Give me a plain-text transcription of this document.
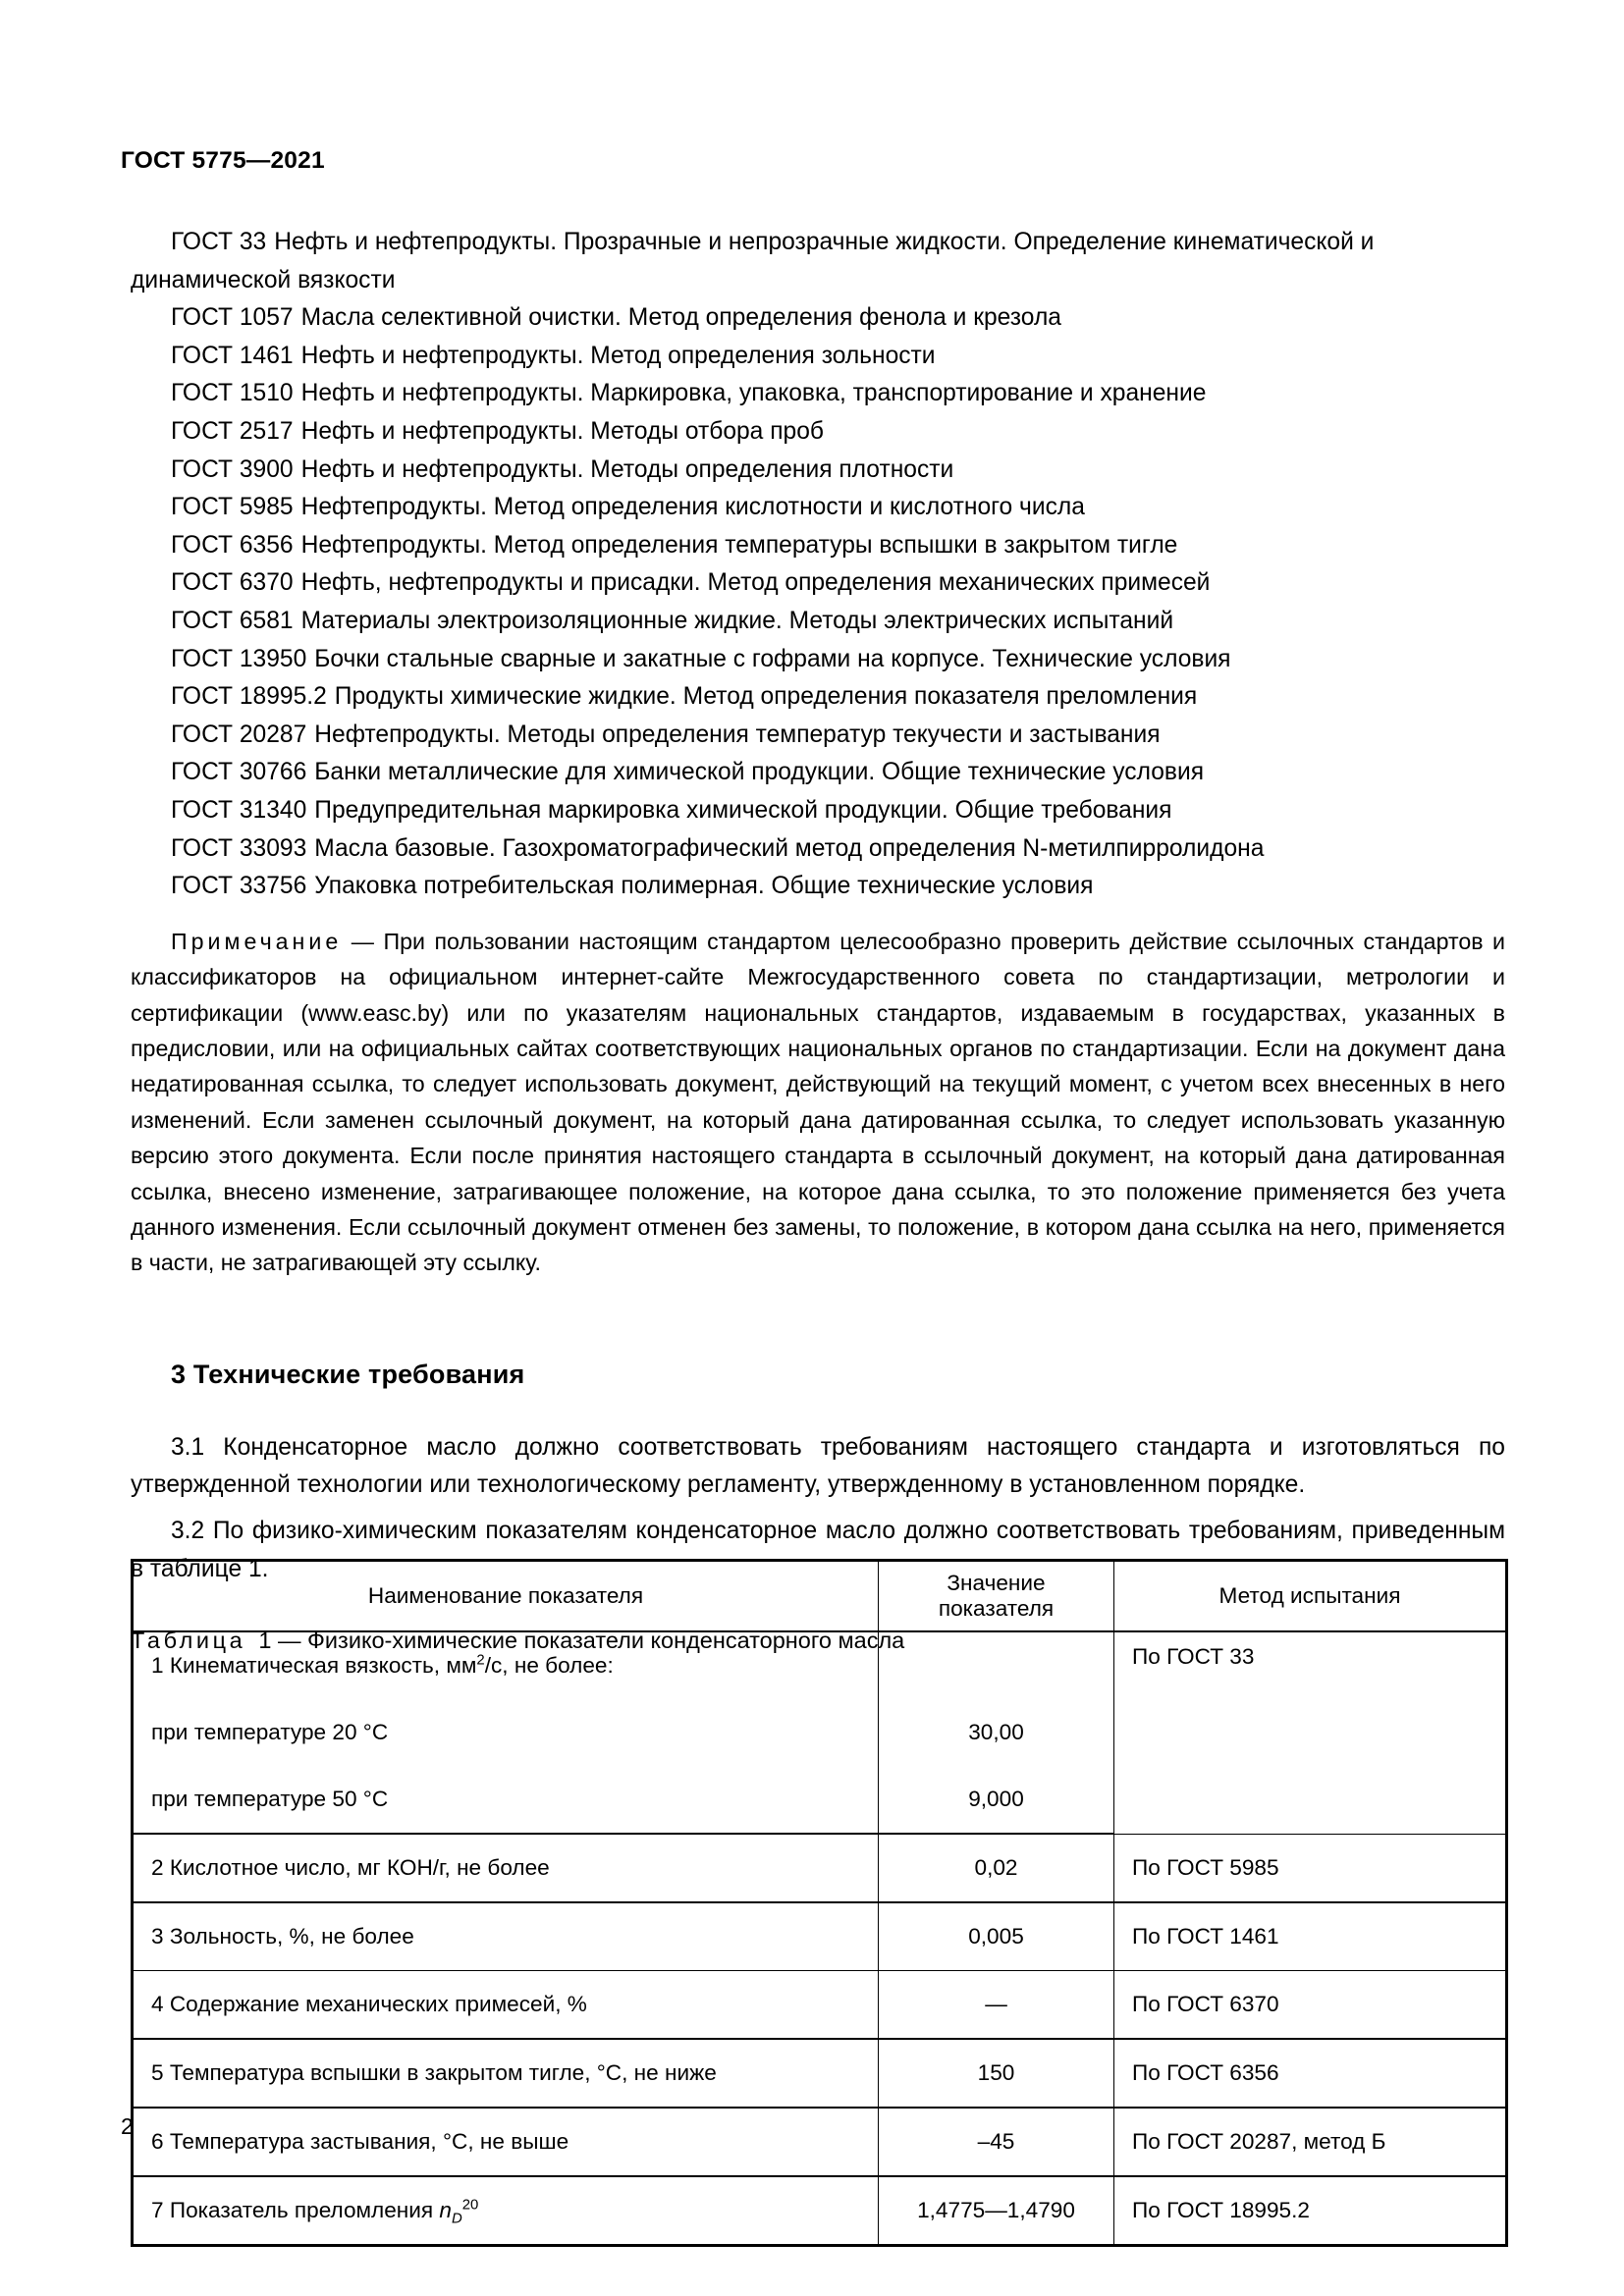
ГОСТ 5775—2021

ГОСТ 33 Нефть и нефтепродукты. Прозрачные и непрозрачные жидкости. Определение кинематической и динамической вязкости

ГОСТ 1057 Масла селективной очистки. Метод определения фенола и крезола

ГОСТ 1461 Нефть и нефтепродукты. Метод определения зольности

ГОСТ 1510 Нефть и нефтепродукты. Маркировка, упаковка, транспортирование и хранение

ГОСТ 2517 Нефть и нефтепродукты. Методы отбора проб

ГОСТ 3900 Нефть и нефтепродукты. Методы определения плотности

ГОСТ 5985 Нефтепродукты. Метод определения кислотности и кислотного числа

ГОСТ 6356 Нефтепродукты. Метод определения температуры вспышки в закрытом тигле

ГОСТ 6370 Нефть, нефтепродукты и присадки. Метод определения механических примесей

ГОСТ 6581 Материалы электроизоляционные жидкие. Методы электрических испытаний

ГОСТ 13950 Бочки стальные сварные и закатные с гофрами на корпусе. Технические условия

ГОСТ 18995.2 Продукты химические жидкие. Метод определения показателя преломления

ГОСТ 20287 Нефтепродукты. Методы определения температур текучести и застывания

ГОСТ 30766 Банки металлические для химической продукции. Общие технические условия

ГОСТ 31340 Предупредительная маркировка химической продукции. Общие требования

ГОСТ 33093 Масла базовые. Газохроматографический метод определения N-метилпирролидона

ГОСТ 33756 Упаковка потребительская полимерная. Общие технические условия

Примечание — При пользовании настоящим стандартом целесообразно проверить действие ссылочных стандартов и классификаторов на официальном интернет-сайте Межгосударственного совета по стандартизации, метрологии и сертификации (www.easc.by) или по указателям национальных стандартов, издаваемым в государствах, указанных в предисловии, или на официальных сайтах соответствующих национальных органов по стандартизации. Если на документ дана недатированная ссылка, то следует использовать документ, действующий на текущий момент, с учетом всех внесенных в него изменений. Если заменен ссылочный документ, на который дана датированная ссылка, то следует использовать указанную версию этого документа. Если после принятия настоящего стандарта в ссылочный документ, на который дана датированная ссылка, внесено изменение, затрагивающее положение, на которое дана ссылка, то это положение применяется без учета данного изменения. Если ссылочный документ отменен без замены, то положение, в котором дана ссылка на него, применяется в части, не затрагивающей эту ссылку.

3 Технические требования

3.1 Конденсаторное масло должно соответствовать требованиям настоящего стандарта и изготовляться по утвержденной технологии или технологическому регламенту, утвержденному в установленном порядке.

3.2 По физико-химическим показателям конденсаторное масло должно соответствовать требованиям, приведенным в таблице 1.

Таблица 1 — Физико-химические показатели конденсаторного масла

Наименование показателя	Значение показателя	Метод испытания
1 Кинематическая вязкость, $мм^2/с$, не более:		По ГОСТ 33
при температуре 20 °C	30,00	
при температуре 50 °C	9,000	
2 Кислотное число, мг КОН/г, не более	0,02	По ГОСТ 5985
3 Зольность, %, не более	0,005	По ГОСТ 1461
4 Содержание механических примесей, %	—	По ГОСТ 6370
5 Температура вспышки в закрытом тигле, °C, не ниже	150	По ГОСТ 6356
6 Температура застывания, °C, не выше	–45	По ГОСТ 20287, метод Б
7 Показатель преломления $n_D^{20}$	1,4775—1,4790	По ГОСТ 18995.2
2
